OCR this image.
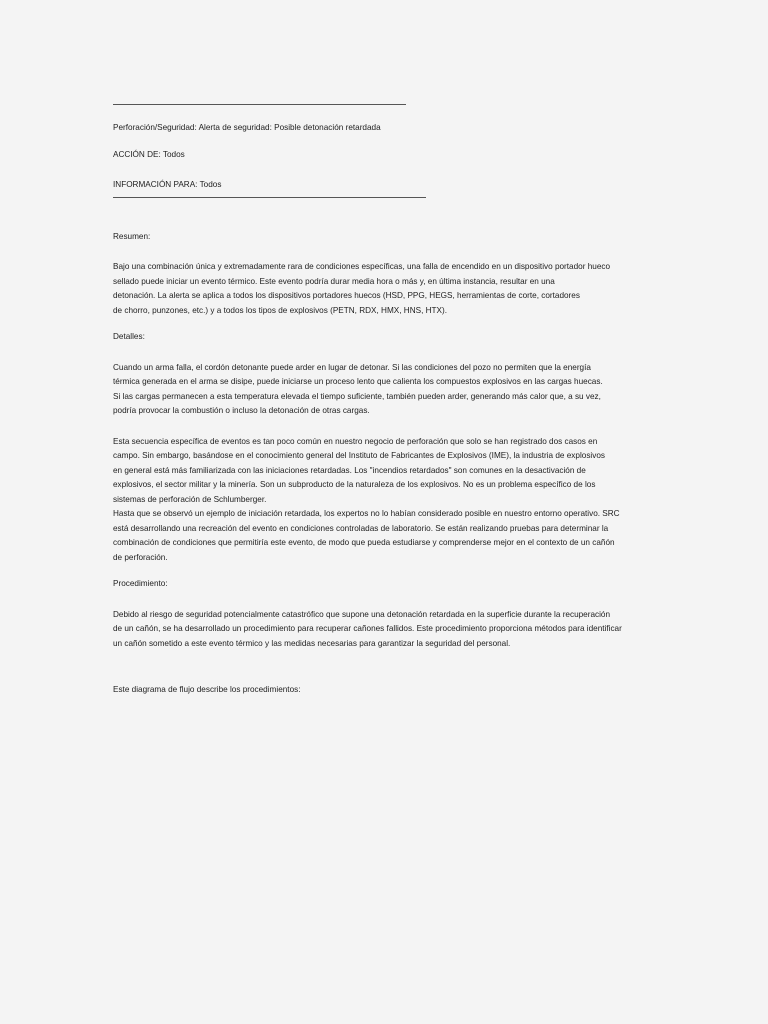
Perforación/Seguridad: Alerta de seguridad: Posible detonación retardada

ACCIÓN DE: Todos

INFORMACIÓN PARA: Todos

Resumen:

Bajo una combinación única y extremadamente rara de condiciones específicas, una falla de encendido en un dispositivo portador hueco
sellado puede iniciar un evento térmico. Este evento podría durar media hora o más y, en última instancia, resultar en una
detonación. La alerta se aplica a todos los dispositivos portadores huecos (HSD, PPG, HEGS, herramientas de corte, cortadores
de chorro, punzones, etc.) y a todos los tipos de explosivos (PETN, RDX, HMX, HNS, HTX).

Detalles:

Cuando un arma falla, el cordón detonante puede arder en lugar de detonar. Si las condiciones del pozo no permiten que la energía
térmica generada en el arma se disipe, puede iniciarse un proceso lento que calienta los compuestos explosivos en las cargas huecas.
Si las cargas permanecen a esta temperatura elevada el tiempo suficiente, también pueden arder, generando más calor que, a su vez,
podría provocar la combustión o incluso la detonación de otras cargas.
Esta secuencia específica de eventos es tan poco común en nuestro negocio de perforación que solo se han registrado dos casos en
campo. Sin embargo, basándose en el conocimiento general del Instituto de Fabricantes de Explosivos (IME), la industria de explosivos
en general está más familiarizada con las iniciaciones retardadas. Los "incendios retardados" son comunes en la desactivación de
explosivos, el sector militar y la minería. Son un subproducto de la naturaleza de los explosivos. No es un problema específico de los
sistemas de perforación de Schlumberger.
Hasta que se observó un ejemplo de iniciación retardada, los expertos no lo habían considerado posible en nuestro entorno operativo. SRC
está desarrollando una recreación del evento en condiciones controladas de laboratorio. Se están realizando pruebas para determinar la
combinación de condiciones que permitiría este evento, de modo que pueda estudiarse y comprenderse mejor en el contexto de un cañón
de perforación.

Procedimiento:

Debido al riesgo de seguridad potencialmente catastrófico que supone una detonación retardada en la superficie durante la recuperación
de un cañón, se ha desarrollado un procedimiento para recuperar cañones fallidos. Este procedimiento proporciona métodos para identificar
un cañón sometido a este evento térmico y las medidas necesarias para garantizar la seguridad del personal.

Este diagrama de flujo describe los procedimientos:
